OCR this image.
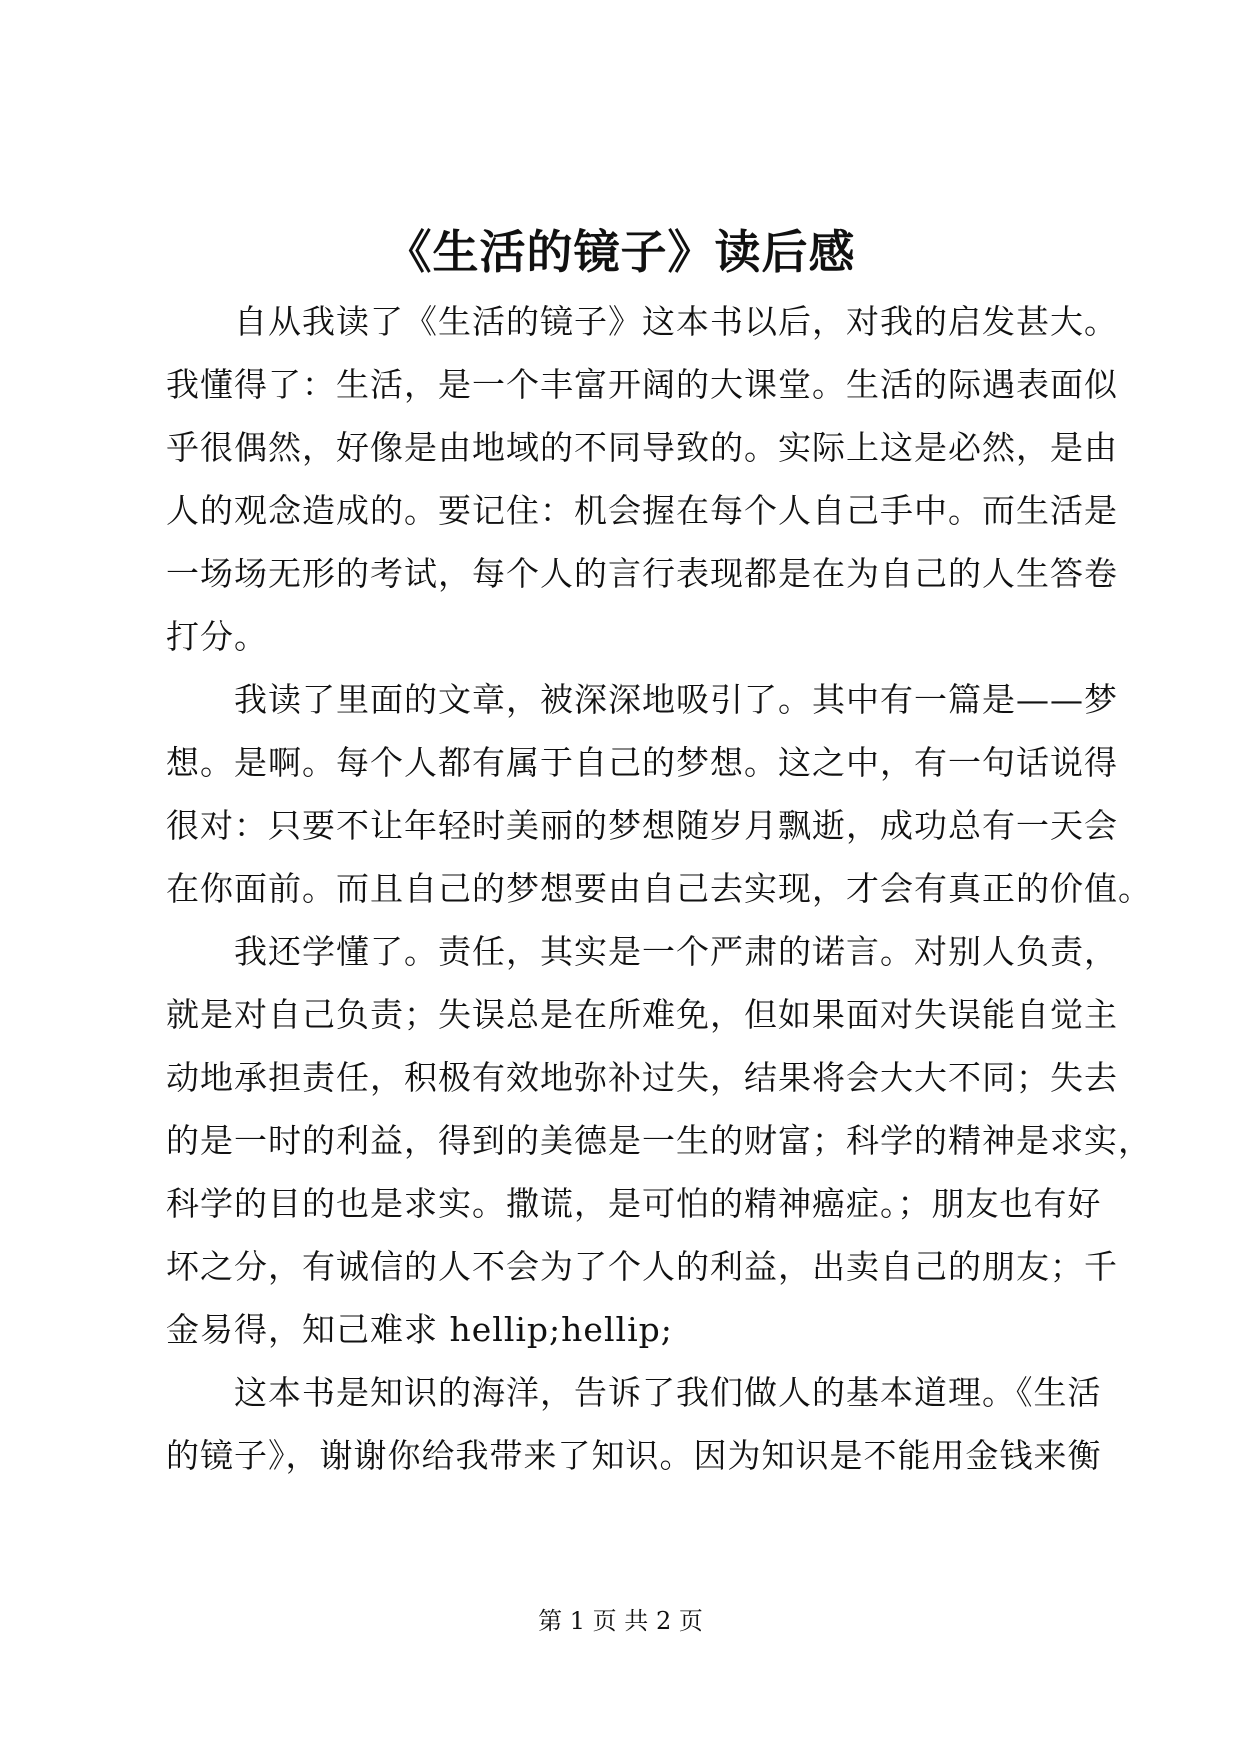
《生活的镜子》读后感
自从我读了《生活的镜子》这本书以后，对我的启发甚大。
我懂得了：生活，是一个丰富开阔的大课堂。生活的际遇表面似
乎很偶然，好像是由地域的不同导致的。实际上这是必然，是由
人的观念造成的。要记住：机会握在每个人自己手中。而生活是
一场场无形的考试，每个人的言行表现都是在为自己的人生答卷
打分。
我读了里面的文章，被深深地吸引了。其中有一篇是——梦
想。是啊。每个人都有属于自己的梦想。这之中，有一句话说得
很对：只要不让年轻时美丽的梦想随岁月飘逝，成功总有一天会
在你面前。而且自己的梦想要由自己去实现，才会有真正的价值。
我还学懂了。责任，其实是一个严肃的诺言。对别人负责，
就是对自己负责；失误总是在所难免，但如果面对失误能自觉主
动地承担责任，积极有效地弥补过失，结果将会大大不同；失去
的是一时的利益，得到的美德是一生的财富；科学的精神是求实，
科学的目的也是求实。撒谎，是可怕的精神癌症。；朋友也有好
坏之分，有诚信的人不会为了个人的利益，出卖自己的朋友；千
金易得，知己难求 hellip;hellip;
这本书是知识的海洋，告诉了我们做人的基本道理。《生活
的镜子》，谢谢你给我带来了知识。因为知识是不能用金钱来衡
第 1 页 共 2 页
